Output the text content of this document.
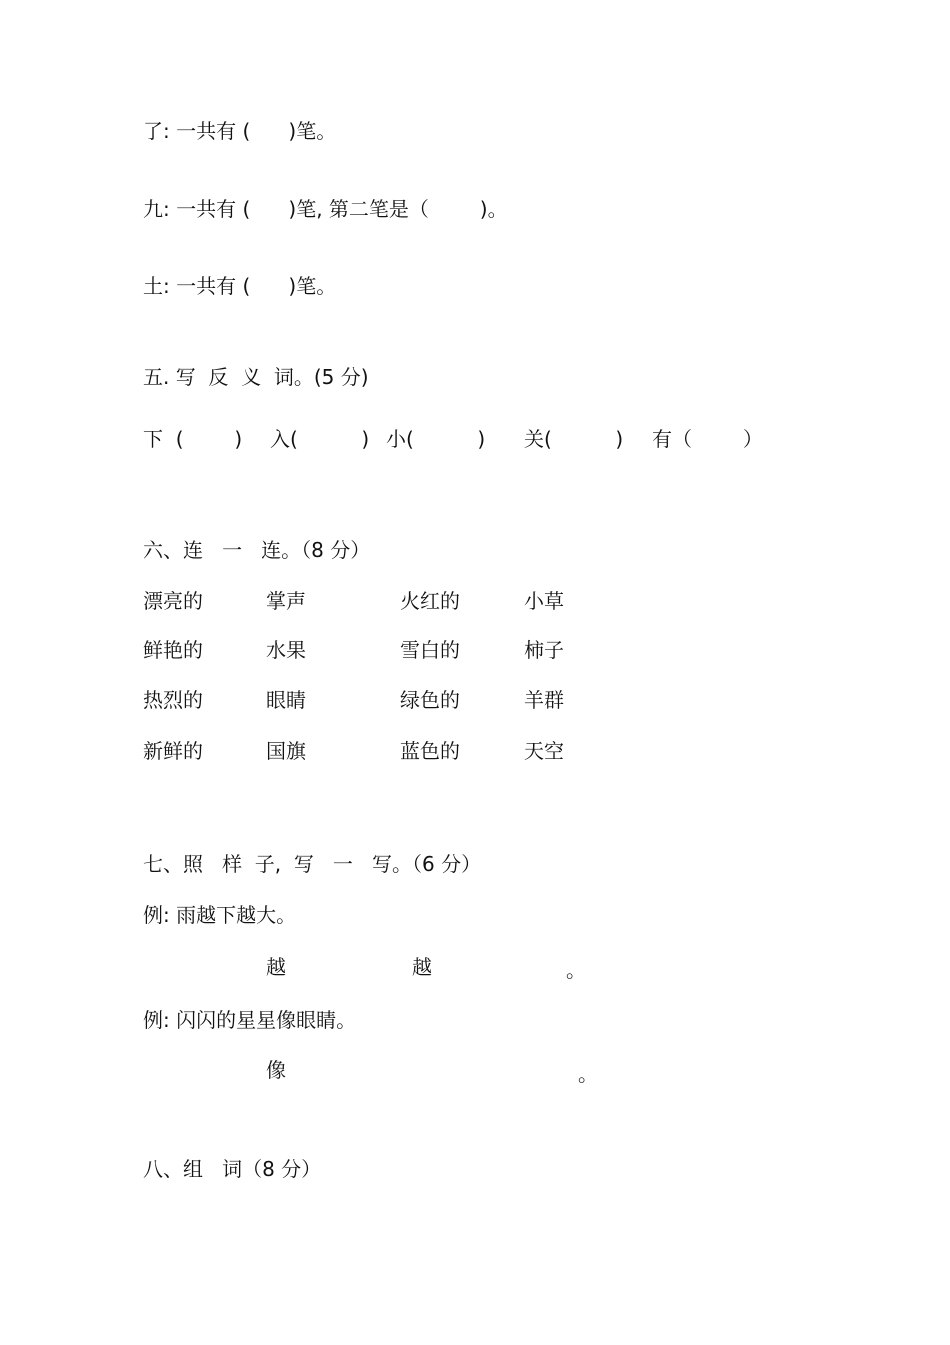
了: 一共有 (      )笔。
九: 一共有 (      )笔, 第二笔是（        )。
土: 一共有 (      )笔。
五. 写  反  义  词。(5 分)
下  (        ) 入(          ) 小(          ) 关(          ) 有（        ）
六、连   一   连。（8 分）
漂亮的	掌声	火红的	小草
鲜艳的	水果	雪白的	柿子
热烈的	眼睛	绿色的	羊群
新鲜的	国旗	蓝色的	天空
七、照   样  子,  写   一   写。（6 分）
例: 雨越下越大。
越	越	。
例: 闪闪的星星像眼睛。
像	。
八、组   词（8 分）
